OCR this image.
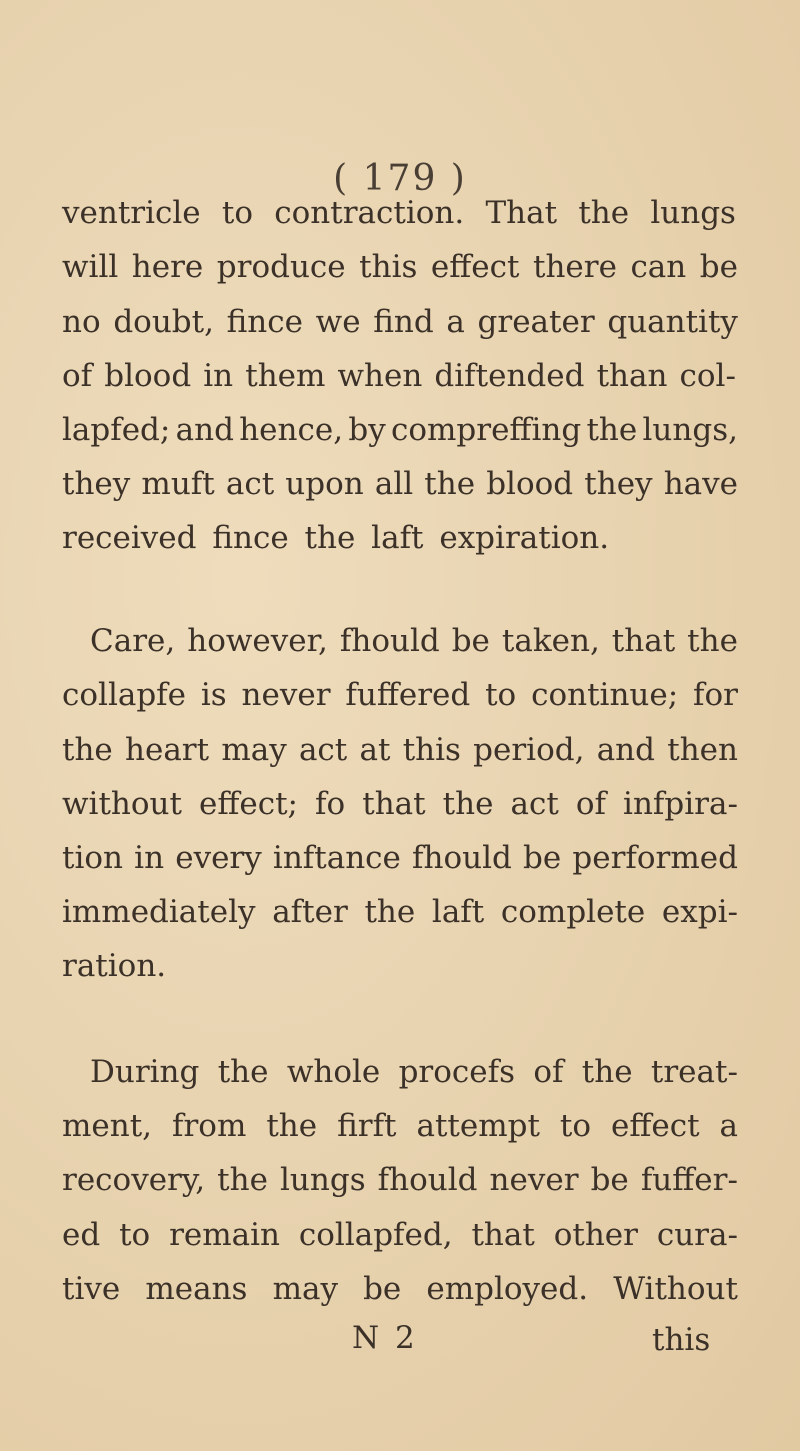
( 179 )
ventricle to contraction. That the lungs
will here produce this effect there can be
no doubt, fince we find a greater quantity
of blood in them when diftended than col-
lapfed; and hence, by compreffing the lungs,
they muft act upon all the blood they have
received fince the laft expiration.
Care, however, fhould be taken, that the
collapfe is never fuffered to continue; for
the heart may act at this period, and then
without effect; fo that the act of infpira-
tion in every inftance fhould be performed
immediately after the laft complete expi-
ration.
During the whole procefs of the treat-
ment, from the firft attempt to effect a
recovery, the lungs fhould never be fuffer-
ed to remain collapfed, that other cura-
tive means may be employed. Without
N 2	this
